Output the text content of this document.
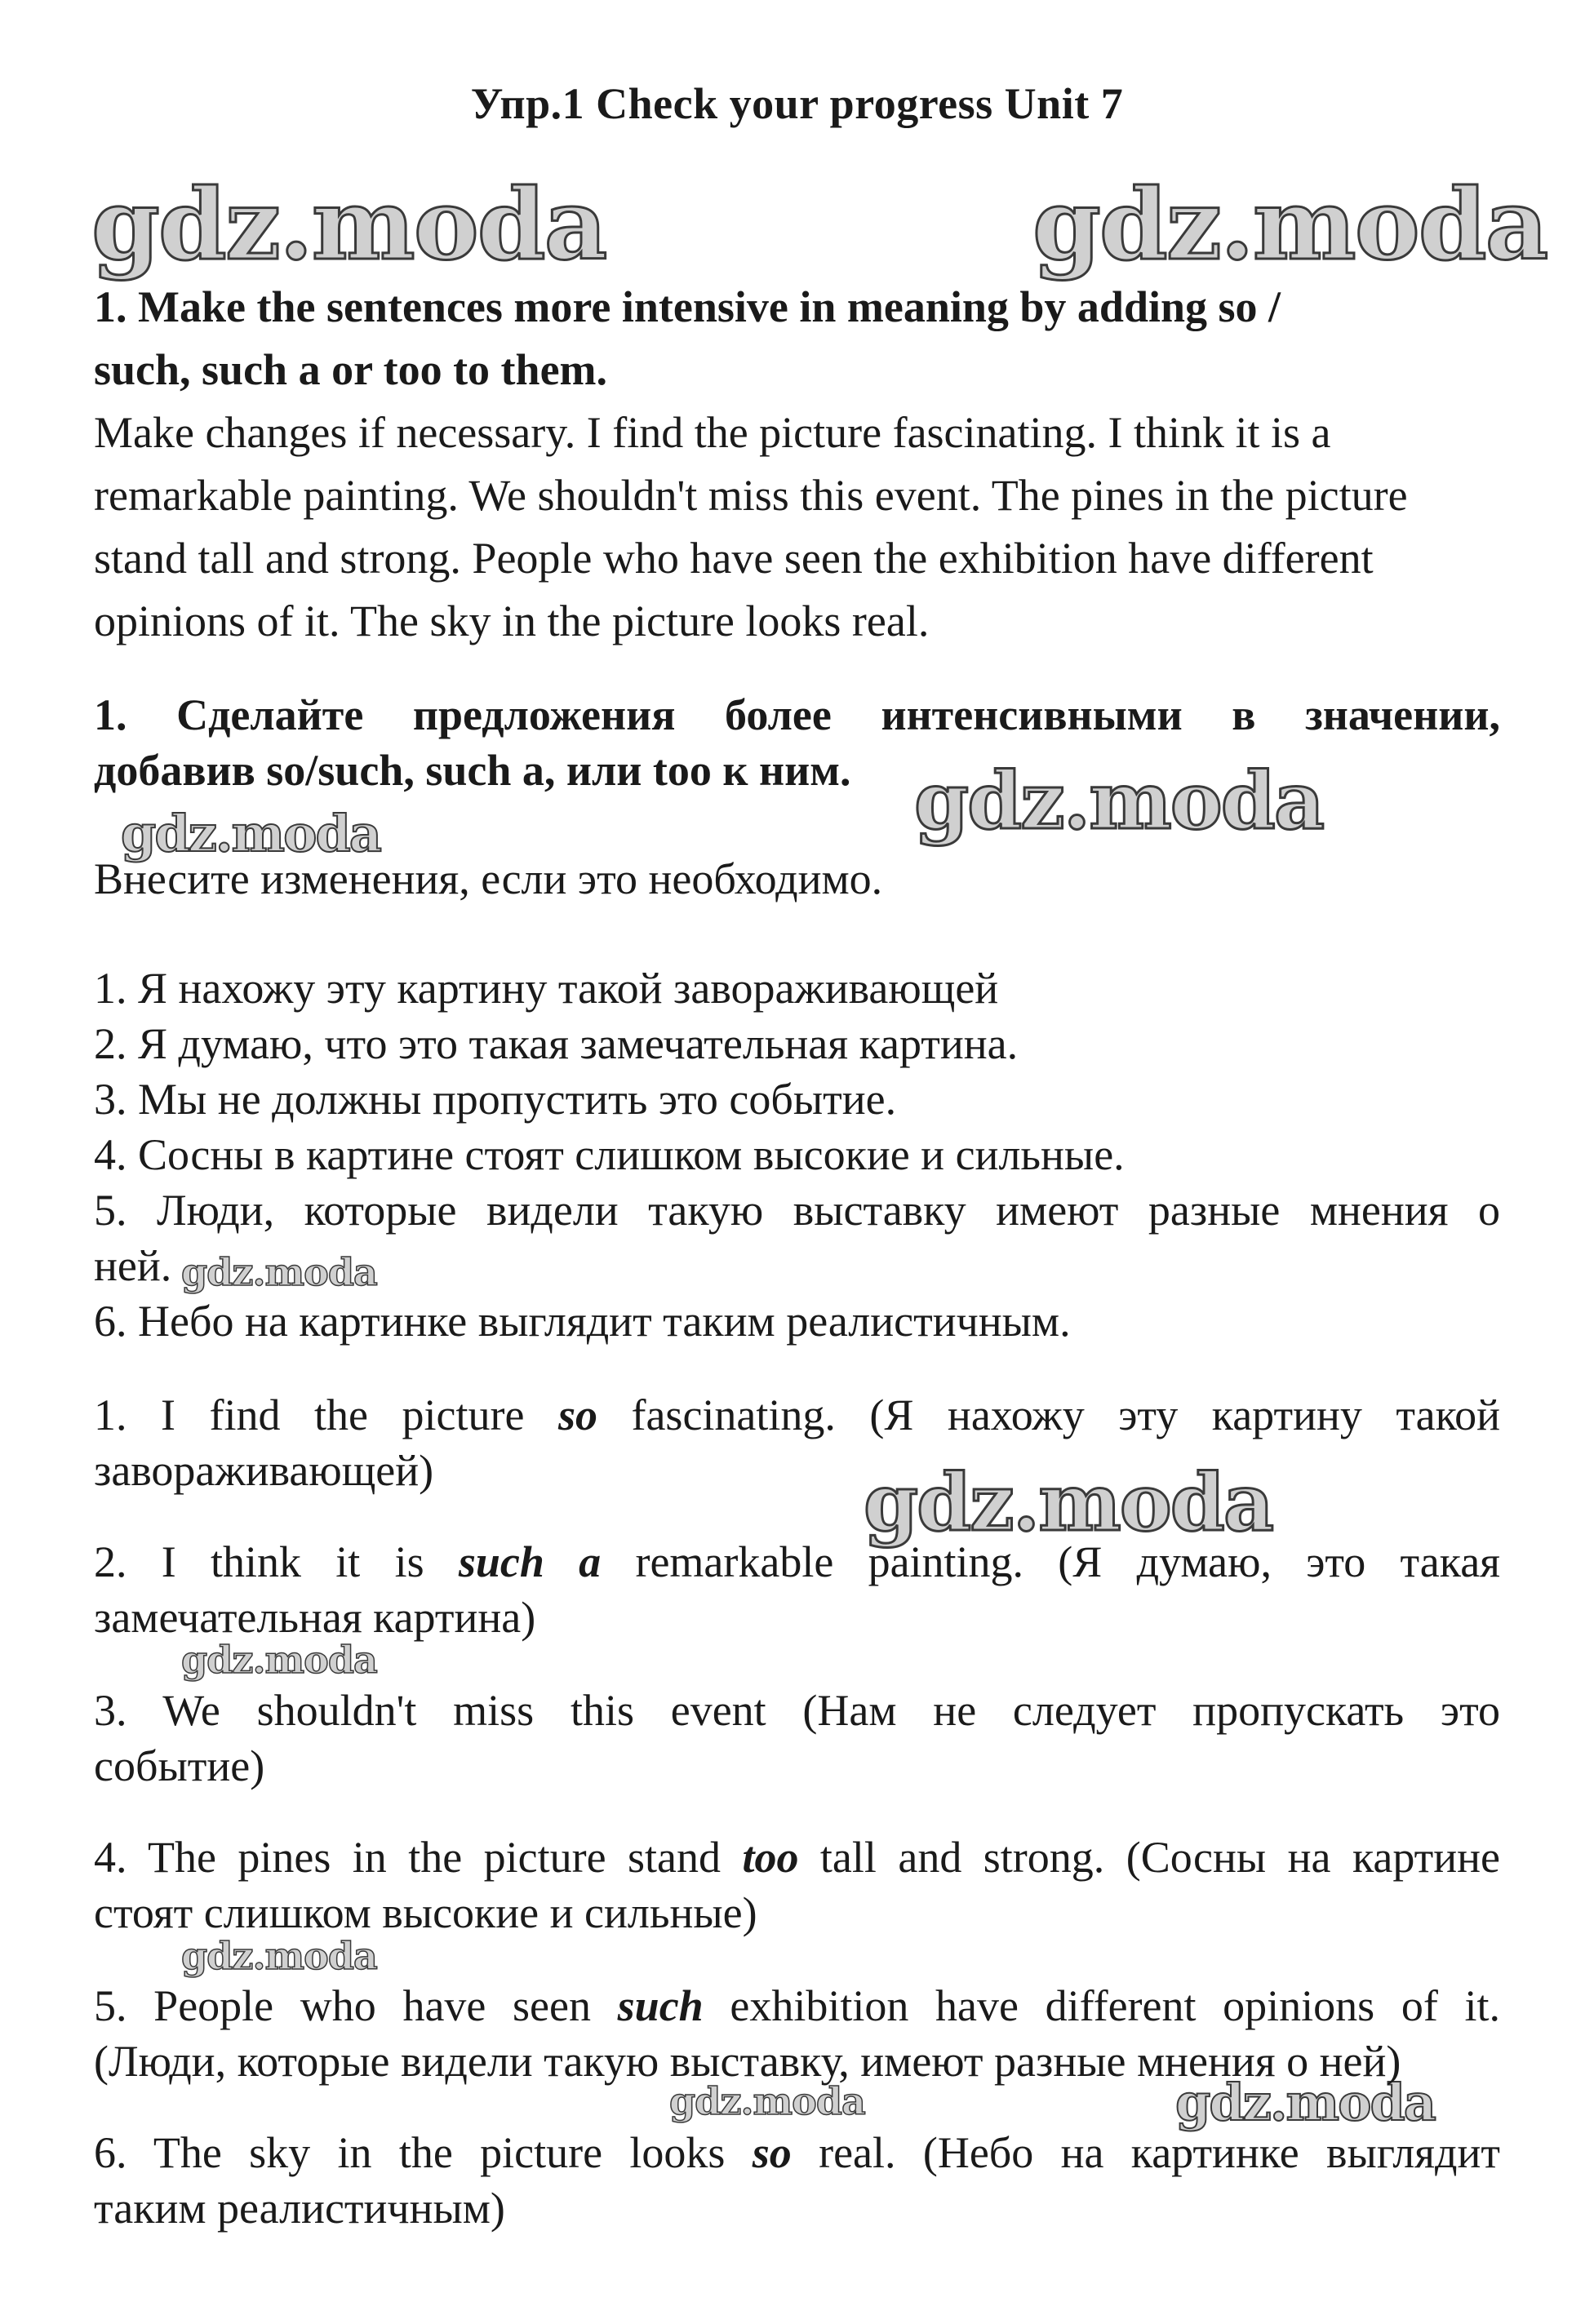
Упр.1 Check your progress Unit 7
gdz.moda	gdz.moda
gdz.moda	gdz.moda
gdz.moda
gdz.moda
gdz.moda
gdz.moda
gdz.moda	gdz.moda
1. Make the sentences more intensive in meaning by adding so /
such, such a or too to them.
Make changes if necessary. I find the picture fascinating. I think it is a remarkable painting. We shouldn't miss this event. The pines in the picture stand tall and strong. People who have seen the exhibition have different opinions of it. The sky in the picture looks real.
1. Сделайте предложения более интенсивными в значении,
добавив so/such, such a, или too к ним.
Внесите изменения, если это необходимо.
1. Я нахожу эту картину такой завораживающей
2. Я думаю, что это такая замечательная картина.
3. Мы не должны пропустить это событие.
4. Сосны в картине стоят слишком высокие и сильные.
5. Люди, которые видели такую выставку имеют разные мнения о
ней.
6. Небо на картинке выглядит таким реалистичным.
1. I find the picture so fascinating. (Я нахожу эту картину такой
завораживающей)
2. I think it is such a remarkable painting. (Я думаю, это такая
замечательная картина)
3. We shouldn't miss this event (Нам не следует пропускать это
событие)
4. The pines in the picture stand too tall and strong. (Сосны на картине
стоят слишком высокие и сильные)
5. People who have seen such exhibition have different opinions of it.
(Люди, которые видели такую выставку, имеют разные мнения о ней)
6. The sky in the picture looks so real. (Небо на картинке выглядит
таким реалистичным)
